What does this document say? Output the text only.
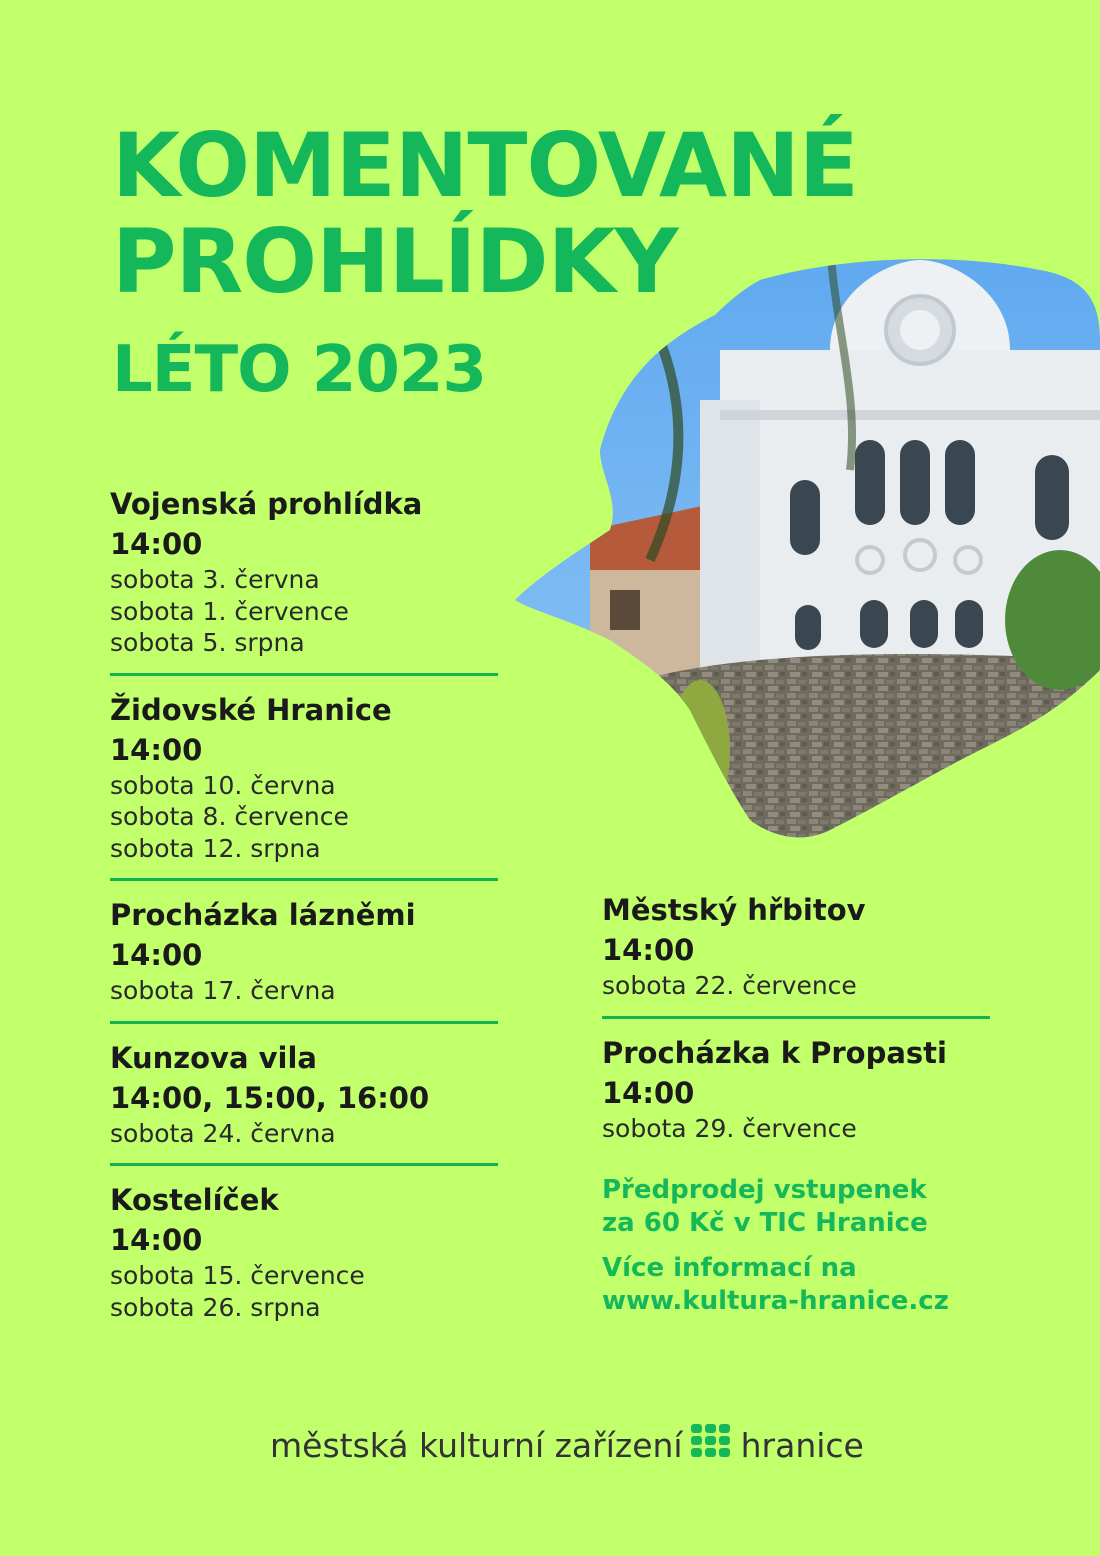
KOMENTOVANÉ
PROHLÍDKY
LÉTO 2023

Vojenská prohlídka

14:00

sobota 3. června
sobota 1. července
sobota 5. srpna

Židovské Hranice

14:00

sobota 10. června
sobota 8. července
sobota 12. srpna

Procházka lázněmi

14:00

sobota 17. června

Kunzova vila

14:00, 15:00, 16:00

sobota 24. června

Kostelíček

14:00

sobota 15. července
sobota 26. srpna

Městský hřbitov

14:00

sobota 22. července

Procházka k Propasti

14:00

sobota 29. července

Předprodej vstupenek

za 60 Kč v TIC Hranice

Více informací na

www.kultura-hranice.cz

městská kulturní zařízení hranice
